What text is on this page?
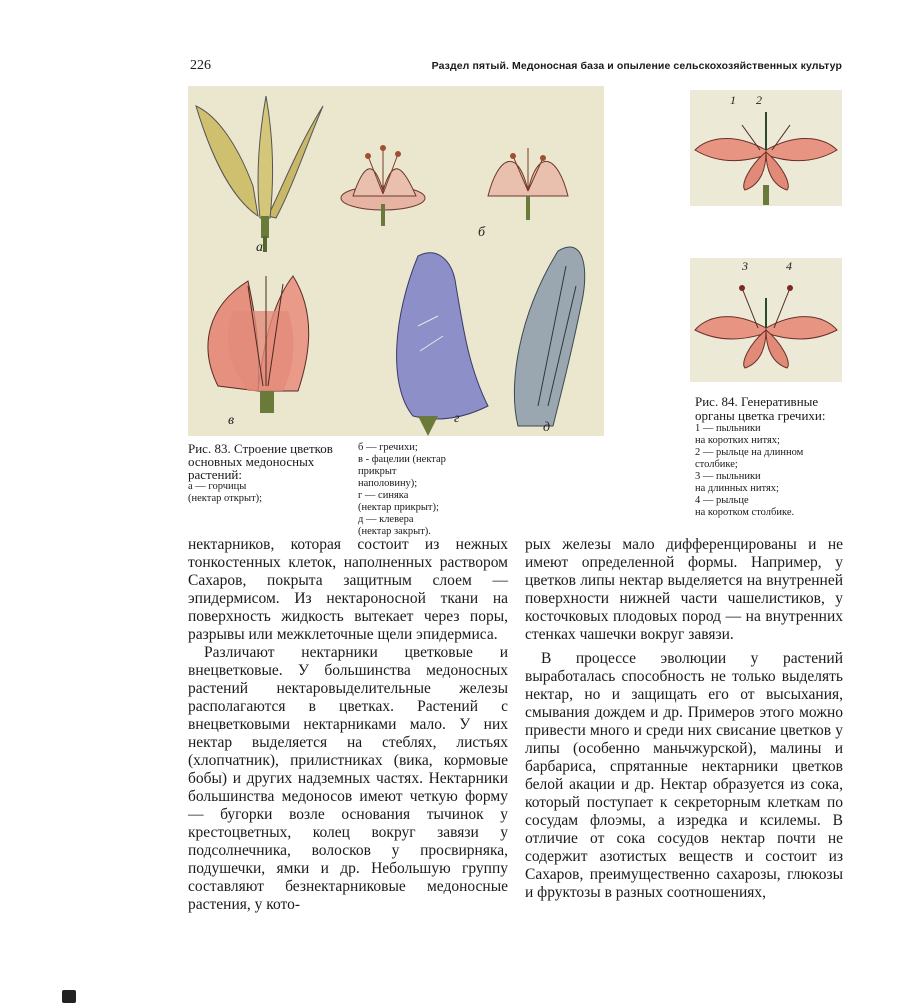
226	Раздел пятый. Медоносная база и опыление сельскохозяйственных культур
а
б
в	г
д
1 2
3	4
Рис. 83. Строение цветков основных медоносных растений:
а — горчицы
(нектар открыт);
б — гречихи;
в - фацелии (нектар
прикрыт
наполовину);
г — синяка
(нектар прикрыт);
д — клевера
(нектар закрыт).
Рис. 84. Генеративные органы цветка гречихи:
1 — пыльники
на коротких нитях;
2 — рыльце на длинном
столбике;
3 — пыльники
на длинных нитях;
4 — рыльце
на коротком столбике.

нектарников, которая состоит из нежных тонкостенных клеток, наполненных раствором Сахаров, покрыта защитным слоем — эпидермисом. Из нектароносной ткани на поверхность жидкость вытекает через поры, разрывы или межклеточные щели эпидермиса.

Различают нектарники цветковые и внецветковые. У большинства медоносных растений нектаровыделительные железы располагаются в цветках. Растений с внецветковыми нектарниками мало. У них нектар выделяется на стеблях, листьях (хлопчатник), прилистниках (вика, кормовые бобы) и других надземных частях. Нектарники большинства медоносов имеют четкую форму — бугорки возле основания тычинок у крестоцветных, колец вокруг завязи у подсолнечника, волосков у просвирняка, подушечки, ямки и др. Небольшую группу составляют безнектарниковые медоносные растения, у кото-

рых железы мало дифференцированы и не имеют определенной формы. Например, у цветков липы нектар выделяется на внутренней поверхности нижней части чашелистиков, у косточковых плодовых пород — на внутренних стенках чашечки вокруг завязи.

В процессе эволюции у растений выработалась способность не только выделять нектар, но и защищать его от высыхания, смывания дождем и др. Примеров этого можно привести много и среди них свисание цветков у липы (особенно маньчжурской), малины и барбариса, спрятанные нектарники цветков белой акации и др. Нектар образуется из сока, который поступает к секреторным клеткам по сосудам флоэмы, а изредка и ксилемы. В отличие от сока сосудов нектар почти не содержит азотистых веществ и состоит из Сахаров, преимущественно сахарозы, глюкозы и фруктозы в разных соотношениях,
